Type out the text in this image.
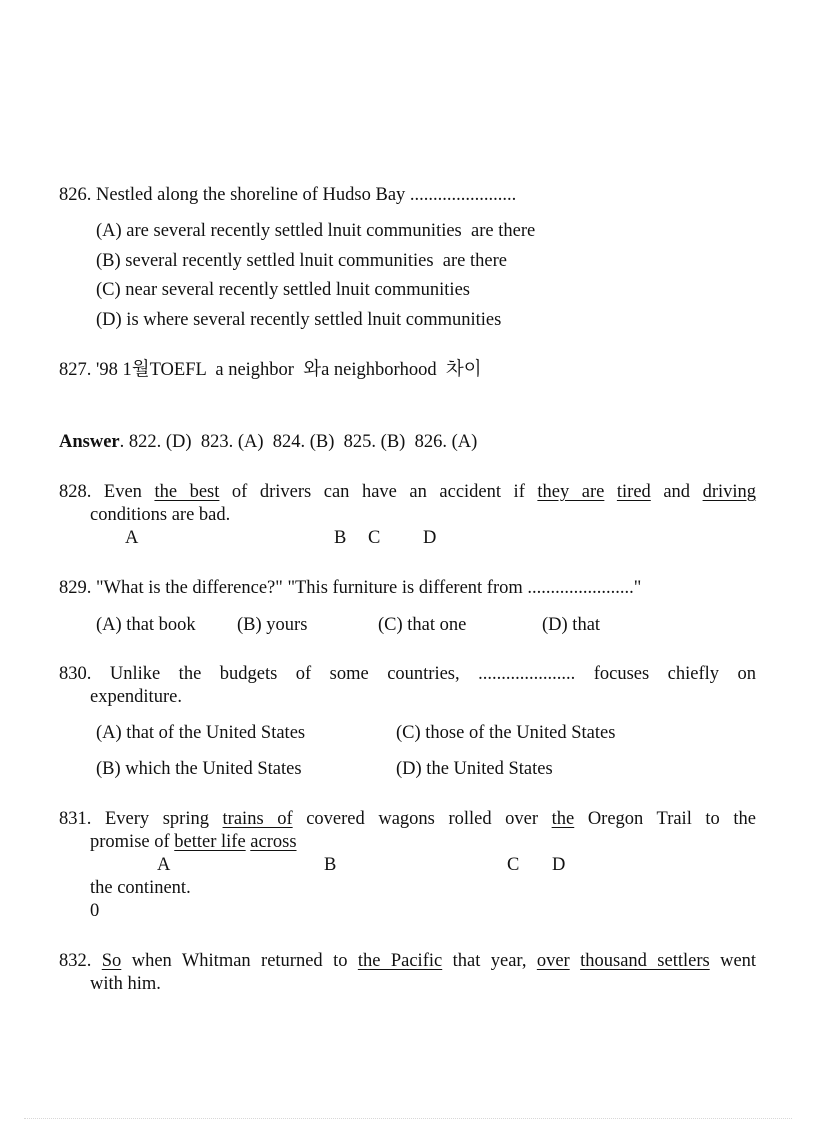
826. Nestled along the shoreline of Hudso Bay .......................
(A) are several recently settled lnuit communities  are there
(B) several recently settled lnuit communities  are there
(C) near several recently settled lnuit communities
(D) is where several recently settled lnuit communities
827. '98 1월TOEFL  a neighbor  와a neighborhood  차이
Answer. 822. (D)  823. (A)  824. (B)  825. (B)  826. (A)
828. Even the best of drivers can have an accident if they are tired and driving
conditions are bad.
A	B C D
829. "What is the difference?" "This furniture is different from ......................."
(A) that book (B) yours	(C) that one	(D) that
830. Unlike the budgets of some countries, ..................... focuses chiefly on
expenditure.
(A) that of the United States	(C) those of the United States
(B) which the United States	(D) the United States
831. Every spring trains of covered wagons rolled over the Oregon Trail to the
promise of better life across
A	B	C D
the continent.
0
832. So when Whitman returned to the Pacific that year, over thousand settlers went
with him.
